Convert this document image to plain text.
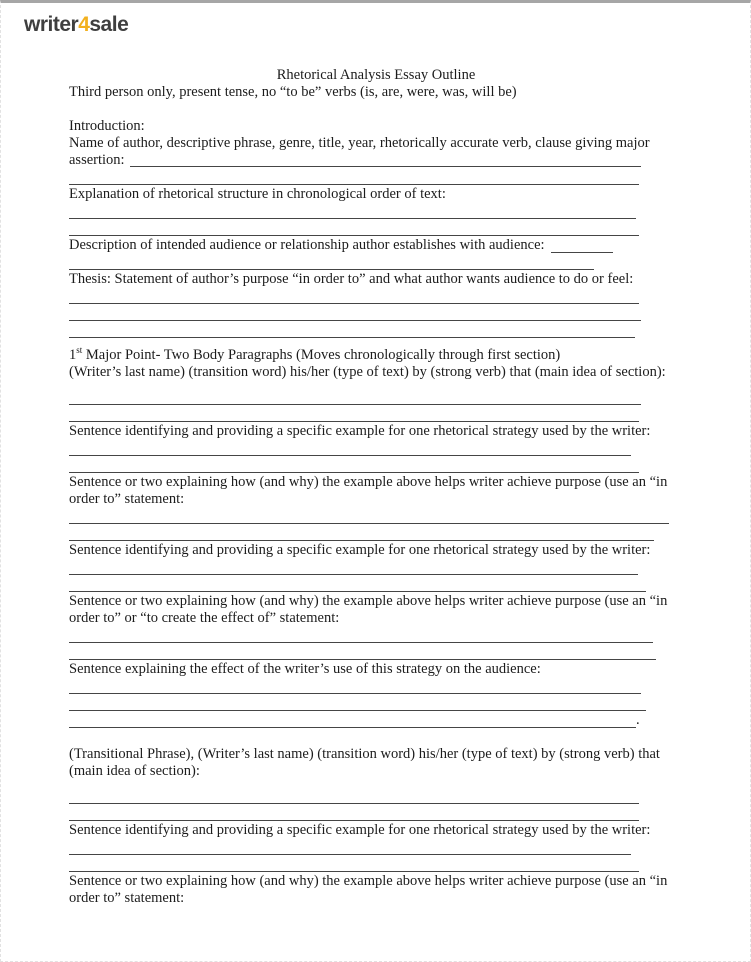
writer4sale
Rhetorical Analysis Essay Outline
Third person only, present tense, no “to be” verbs (is, are, were, was, will be)
Introduction:
Name of author, descriptive phrase, genre, title, year, rhetorically accurate verb, clause giving major
assertion:
Explanation of rhetorical structure in chronological order of text:
Description of intended audience or relationship author establishes with audience:
Thesis: Statement of author’s purpose “in order to” and what author wants audience to do or feel:
1st Major Point- Two Body Paragraphs (Moves chronologically through first section)
(Writer’s last name) (transition word) his/her (type of text) by (strong verb) that (main idea of section):
Sentence identifying and providing a specific example for one rhetorical strategy used by the writer:
Sentence or two explaining how (and why) the example above helps writer achieve purpose (use an “in
order to” statement:
Sentence identifying and providing a specific example for one rhetorical strategy used by the writer:
Sentence or two explaining how (and why) the example above helps writer achieve purpose (use an “in
order to” or “to create the effect of” statement:
Sentence explaining the effect of the writer’s use of this strategy on the audience:
.
(Transitional Phrase), (Writer’s last name) (transition word) his/her (type of text) by (strong verb) that
(main idea of section):
Sentence identifying and providing a specific example for one rhetorical strategy used by the writer:
Sentence or two explaining how (and why) the example above helps writer achieve purpose (use an “in
order to” statement:
